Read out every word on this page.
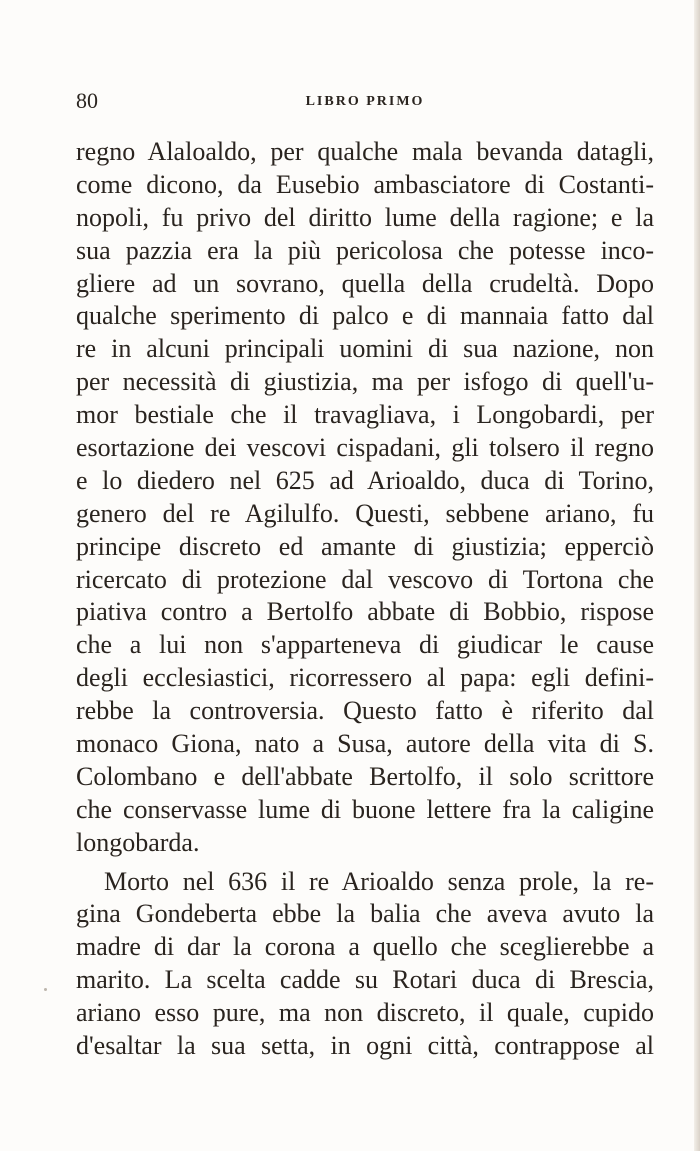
80	LIBRO PRIMO
regno Alaloaldo, per qualche mala bevanda datagli,
come dicono, da Eusebio ambasciatore di Costanti-
nopoli, fu privo del diritto lume della ragione; e la
sua pazzia era la più pericolosa che potesse inco-
gliere ad un sovrano, quella della crudeltà. Dopo
qualche sperimento di palco e di mannaia fatto dal
re in alcuni principali uomini di sua nazione, non
per necessità di giustizia, ma per isfogo di quell'u-
mor bestiale che il travagliava, i Longobardi, per
esortazione dei vescovi cispadani, gli tolsero il regno
e lo diedero nel 625 ad Arioaldo, duca di Torino,
genero del re Agilulfo. Questi, sebbene ariano, fu
principe discreto ed amante di giustizia; epperciò
ricercato di protezione dal vescovo di Tortona che
piativa contro a Bertolfo abbate di Bobbio, rispose
che a lui non s'apparteneva di giudicar le cause
degli ecclesiastici, ricorressero al papa: egli defini-
rebbe la controversia. Questo fatto è riferito dal
monaco Giona, nato a Susa, autore della vita di S.
Colombano e dell'abbate Bertolfo, il solo scrittore
che conservasse lume di buone lettere fra la caligine
longobarda.
Morto nel 636 il re Arioaldo senza prole, la re-
gina Gondeberta ebbe la balia che aveva avuto la
madre di dar la corona a quello che sceglierebbe a
marito. La scelta cadde su Rotari duca di Brescia,
ariano esso pure, ma non discreto, il quale, cupido
d'esaltar la sua setta, in ogni città, contrappose al
